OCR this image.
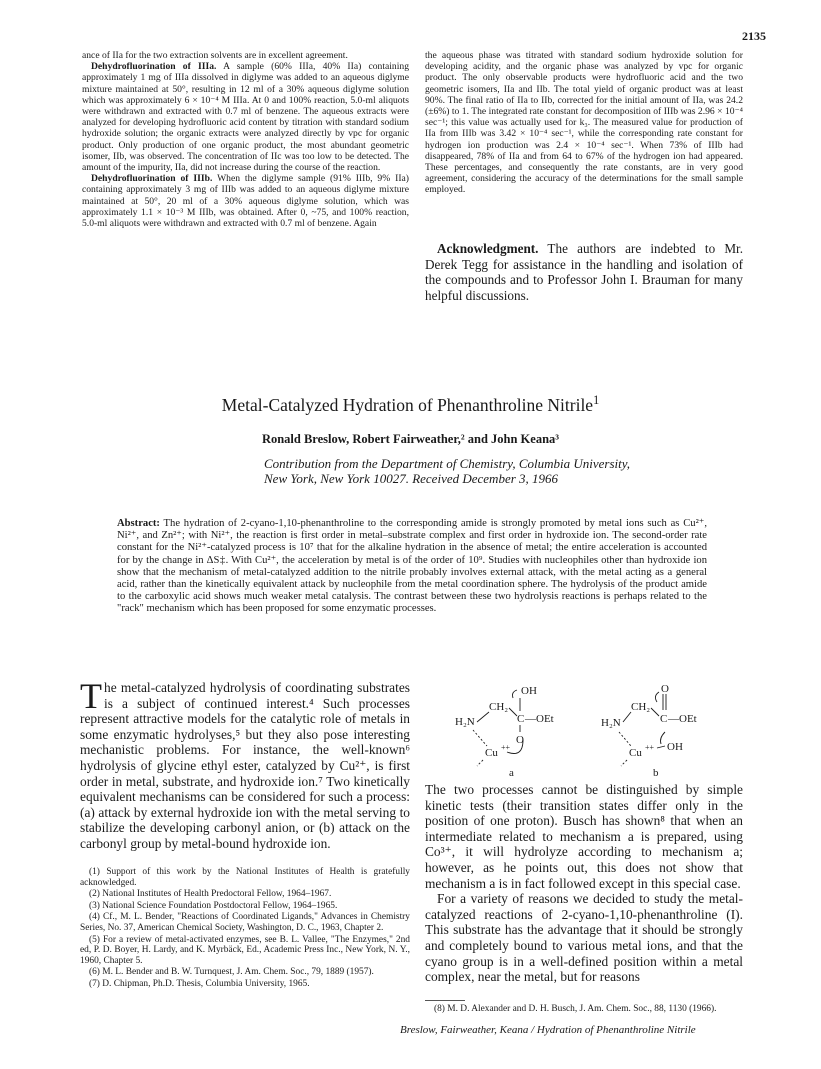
2135

ance of IIa for the two extraction solvents are in excellent agreement.

Dehydrofluorination of IIIa. A sample (60% IIIa, 40% IIa) containing approximately 1 mg of IIIa dissolved in diglyme was added to an aqueous diglyme mixture maintained at 50°, resulting in 12 ml of a 30% aqueous diglyme solution which was approximately 6 × 10⁻⁴ M IIIa. At 0 and 100% reaction, 5.0-ml aliquots were withdrawn and extracted with 0.7 ml of benzene. The aqueous extracts were analyzed for developing hydrofluoric acid content by titration with standard sodium hydroxide solution; the organic extracts were analyzed directly by vpc for organic product. Only production of one organic product, the most abundant geometric isomer, IIb, was observed. The concentration of IIc was too low to be detected. The amount of the impurity, IIa, did not increase during the course of the reaction.

Dehydrofluorination of IIIb. When the diglyme sample (91% IIIb, 9% IIa) containing approximately 3 mg of IIIb was added to an aqueous diglyme mixture maintained at 50°, 20 ml of a 30% aqueous diglyme solution, which was approximately 1.1 × 10⁻³ M IIIb, was obtained. After 0, ~75, and 100% reaction, 5.0-ml aliquots were withdrawn and extracted with 0.7 ml of benzene. Again

the aqueous phase was titrated with standard sodium hydroxide solution for developing acidity, and the organic phase was analyzed by vpc for organic product. The only observable products were hydrofluoric acid and the two geometric isomers, IIa and IIb. The total yield of organic product was at least 90%. The final ratio of IIa to IIb, corrected for the initial amount of IIa, was 24.2 (±6%) to 1. The integrated rate constant for decomposition of IIIb was 2.96 × 10⁻⁴ sec⁻¹; this value was actually used for k₃. The measured value for production of IIa from IIIb was 3.42 × 10⁻⁴ sec⁻¹, while the corresponding rate constant for hydrogen ion production was 2.4 × 10⁻⁴ sec⁻¹. When 73% of IIIb had disappeared, 78% of IIa and from 64 to 67% of the hydrogen ion had appeared. These percentages, and consequently the rate constants, are in very good agreement, considering the accuracy of the determinations for the small sample employed.

Acknowledgment. The authors are indebted to Mr. Derek Tegg for assistance in the handling and isolation of the compounds and to Professor John I. Brauman for many helpful discussions.

Metal-Catalyzed Hydration of Phenanthroline Nitrile$^1$
Ronald Breslow, Robert Fairweather,² and John Keana³
Contribution from the Department of Chemistry, Columbia University,
New York, New York 10027. Received December 3, 1966
Abstract: The hydration of 2-cyano-1,10-phenanthroline to the corresponding amide is strongly promoted by metal ions such as Cu²⁺, Ni²⁺, and Zn²⁺; with Ni²⁺, the reaction is first order in metal–substrate complex and first order in hydroxide ion. The second-order rate constant for the Ni²⁺-catalyzed process is 10⁷ that for the alkaline hydration in the absence of metal; the entire acceleration is accounted for by the change in ΔS‡. With Cu²⁺, the acceleration by metal is of the order of 10⁹. Studies with nucleophiles other than hydroxide ion show that the mechanism of metal-catalyzed addition to the nitrile probably involves external attack, with the metal acting as a general acid, rather than the kinetically equivalent attack by nucleophile from the metal coordination sphere. The hydrolysis of the product amide to the carboxylic acid shows much weaker metal catalysis. The contrast between these two hydrolysis reactions is perhaps related to the "rack" mechanism which has been proposed for some enzymatic processes.

The metal-catalyzed hydrolysis of coordinating substrates is a subject of continued interest.⁴ Such processes represent attractive models for the catalytic role of metals in some enzymatic hydrolyses,⁵ but they also pose interesting mechanistic problems. For instance, the well-known⁶ hydrolysis of glycine ethyl ester, catalyzed by Cu²⁺, is first order in metal, substrate, and hydroxide ion.⁷ Two kinetically equivalent mechanisms can be considered for such a process: (a) attack by external hydroxide ion with the metal serving to stabilize the developing carbonyl anion, or (b) attack on the carbonyl group by metal-bound hydroxide ion.

(1) Support of this work by the National Institutes of Health is gratefully acknowledged.

(2) National Institutes of Health Predoctoral Fellow, 1964–1967.

(3) National Science Foundation Postdoctoral Fellow, 1964–1965.

(4) Cf., M. L. Bender, "Reactions of Coordinated Ligands," Advances in Chemistry Series, No. 37, American Chemical Society, Washington, D. C., 1963, Chapter 2.

(5) For a review of metal-activated enzymes, see B. L. Vallee, "The Enzymes," 2nd ed, P. D. Boyer, H. Lardy, and K. Myrbäck, Ed., Academic Press Inc., New York, N. Y., 1960, Chapter 5.

(6) M. L. Bender and B. W. Turnquest, J. Am. Chem. Soc., 79, 1889 (1957).

(7) D. Chipman, Ph.D. Thesis, Columbia University, 1965.

OH
CH₂
C —OEt
H₂N
O
Cu ++
a
O
CH₂
C —OEt
H₂N
Cu ++ OH
b

The two processes cannot be distinguished by simple kinetic tests (their transition states differ only in the position of one proton). Busch has shown⁸ that when an intermediate related to mechanism a is prepared, using Co³⁺, it will hydrolyze according to mechanism a; however, as he points out, this does not show that mechanism a is in fact followed except in this special case.

For a variety of reasons we decided to study the metal-catalyzed reactions of 2-cyano-1,10-phenanthroline (I). This substrate has the advantage that it should be strongly and completely bound to various metal ions, and that the cyano group is in a well-defined position within a metal complex, near the metal, but for reasons

(8) M. D. Alexander and D. H. Busch, J. Am. Chem. Soc., 88, 1130 (1966).

Breslow, Fairweather, Keana / Hydration of Phenanthroline Nitrile
